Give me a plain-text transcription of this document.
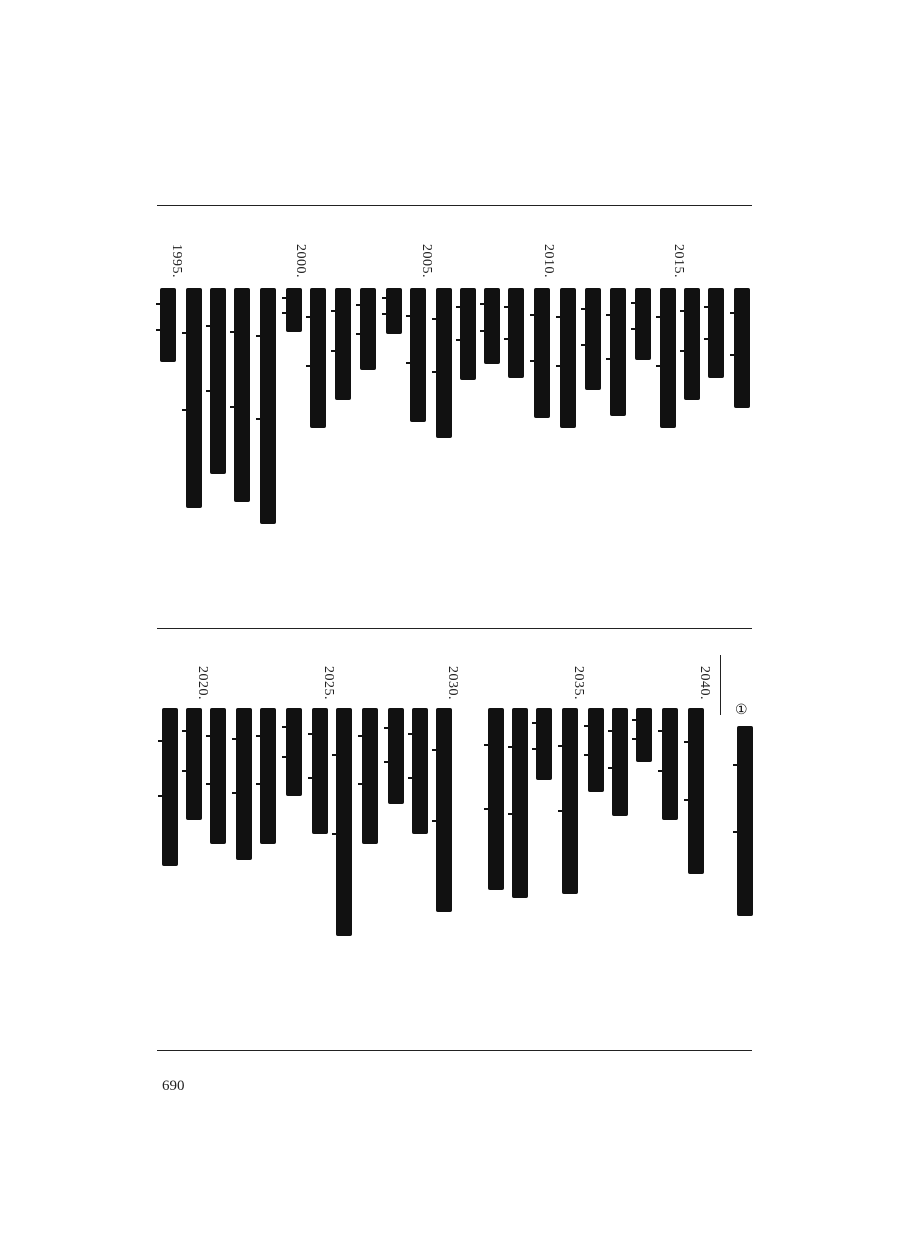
2015.
2010.
2005.
2000.
1995.
2040.
2035.
2030.
2025.
2020.
①
690
